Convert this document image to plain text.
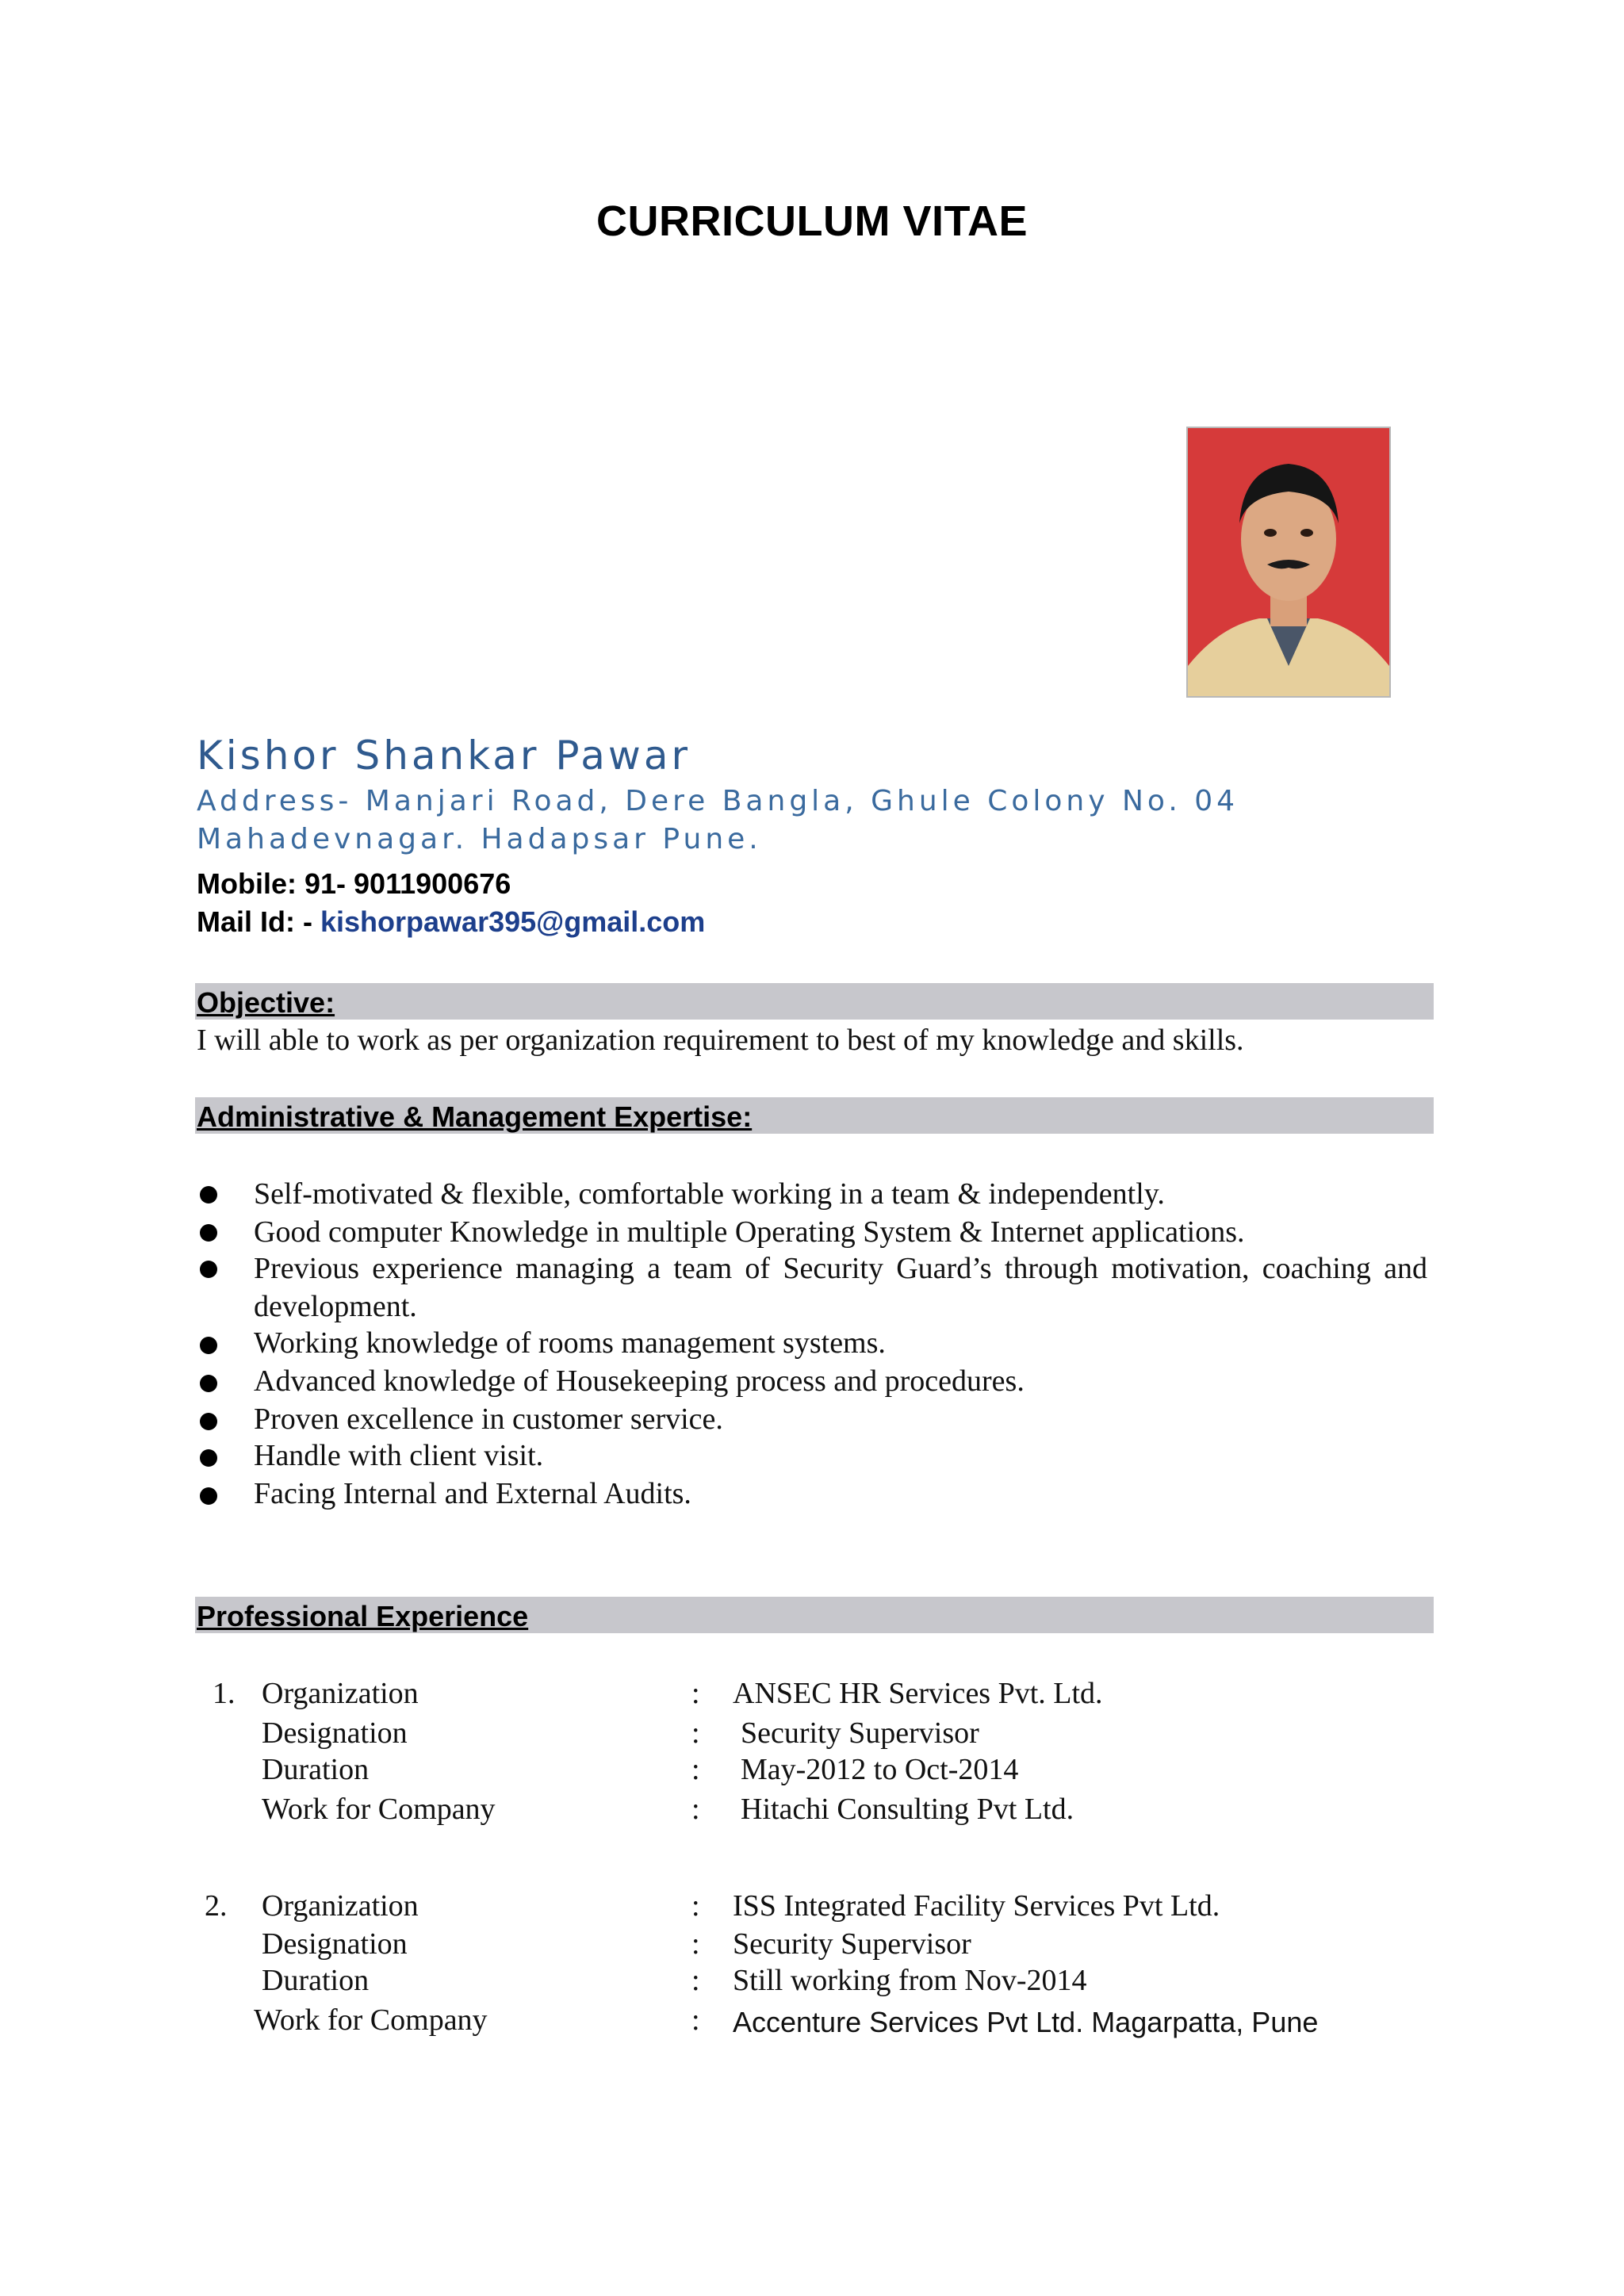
CURRICULUM VITAE
Kishor Shankar Pawar
Address- Manjari Road, Dere Bangla, Ghule Colony No. 04
Mahadevnagar. Hadapsar Pune.
Mobile: 91- 9011900676
Mail Id: - kishorpawar395@gmail.com
Objective:
I will able to work as per organization requirement to best of my knowledge and skills.
Administrative & Management Expertise:
Self-motivated & flexible, comfortable working in a team & independently.
Good computer Knowledge in multiple Operating System & Internet applications.
Previous experience managing a team of Security Guard’s through motivation, coaching and development.
Working knowledge of rooms management systems.
Advanced knowledge of Housekeeping process and procedures.
Proven excellence in customer service.
Handle with client visit.
Facing Internal and External Audits.
Professional Experience
1. Organization	: ANSEC HR Services Pvt. Ltd.
Designation	: Security Supervisor
Duration	: May-2012 to Oct-2014
Work for Company	: Hitachi Consulting Pvt Ltd.
2. Organization	: ISS Integrated Facility Services Pvt Ltd.
Designation	: Security Supervisor
Duration	: Still working from Nov-2014
Work for Company	: Accenture Services Pvt Ltd. Magarpatta, Pune
